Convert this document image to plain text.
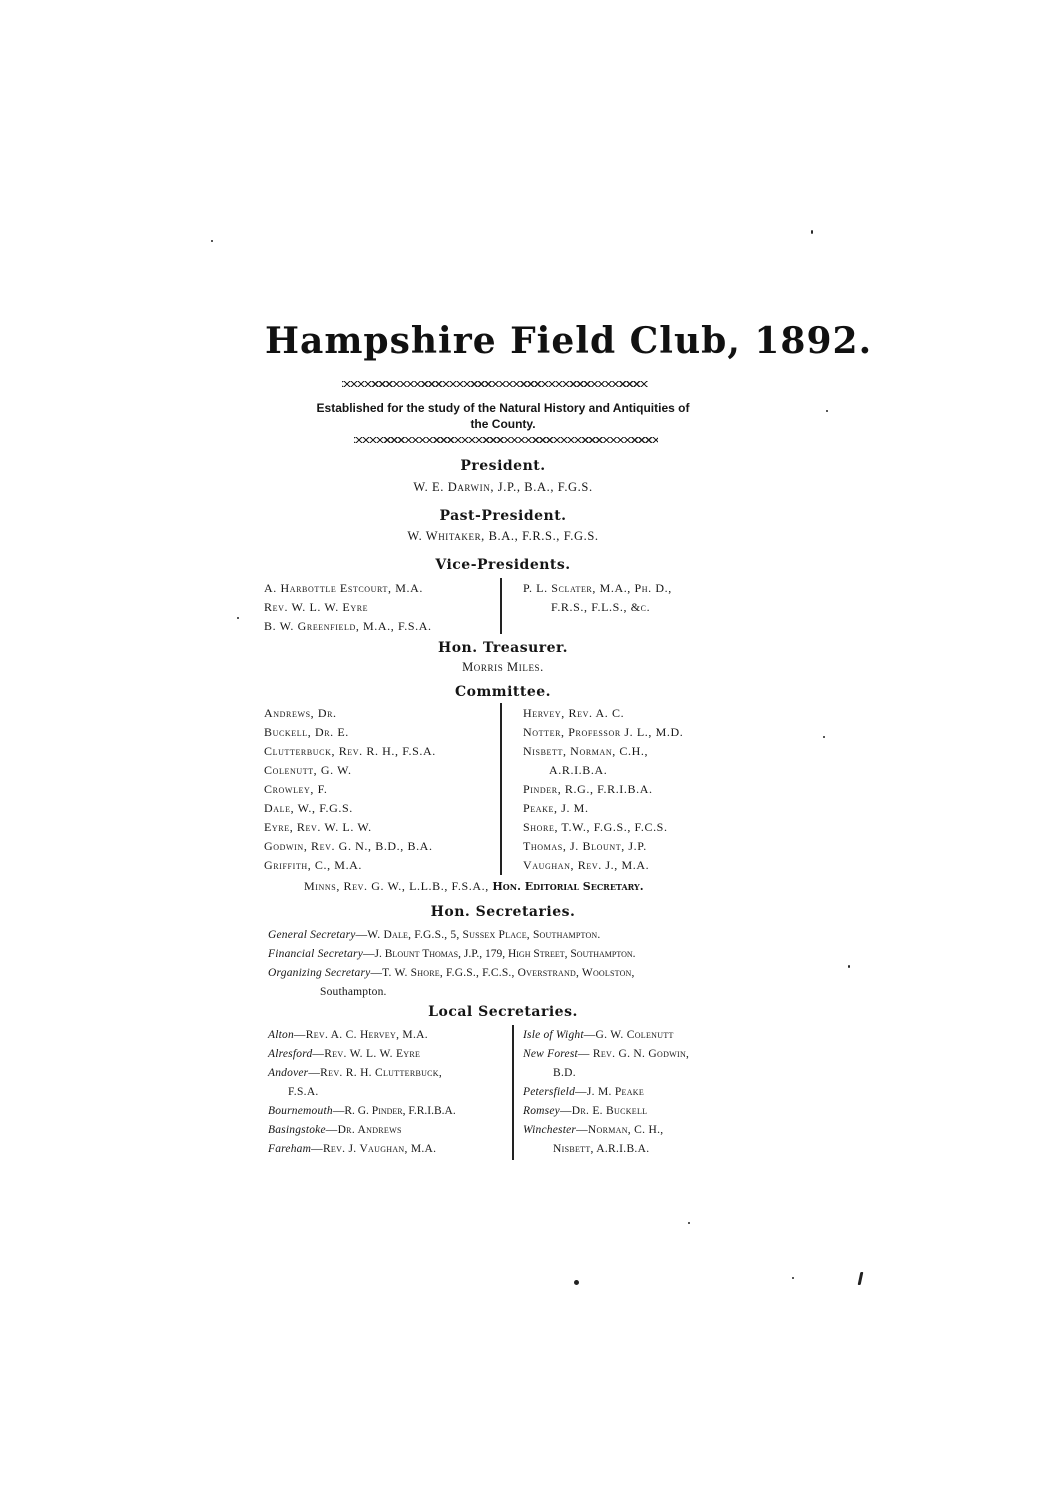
Hampshire Field Club, 1892.
Established for the study of the Natural History and Antiquities of
the County.
President.
W. E. Darwin, J.P., B.A., F.G.S.
Past-President.
W. Whitaker, B.A., F.R.S., F.G.S.
Vice-Presidents.
A. Harbottle Estcourt, M.A.
Rev. W. L. W. Eyre
B. W. Greenfield, M.A., F.S.A.
P. L. Sclater, M.A., Ph. D.,
F.R.S., F.L.S., &c.
Hon. Treasurer.
Morris Miles.
Committee.
Andrews, Dr.
Buckell, Dr. E.
Clutterbuck, Rev. R. H., F.S.A.
Colenutt, G. W.
Crowley, F.
Dale, W., F.G.S.
Eyre, Rev. W. L. W.
Godwin, Rev. G. N., B.D., B.A.
Griffith, C., M.A.
Hervey, Rev. A. C.
Notter, Professor J. L., M.D.
Nisbett, Norman, C.H.,
A.R.I.B.A.
Pinder, R.G., F.R.I.B.A.
Peake, J. M.
Shore, T.W., F.G.S., F.C.S.
Thomas, J. Blount, J.P.
Vaughan, Rev. J., M.A.
Minns, Rev. G. W., L.L.B., F.S.A., Hon. Editorial Secretary.
Hon. Secretaries.
General Secretary—W. Dale, F.G.S., 5, Sussex Place, Southampton.
Financial Secretary—J. Blount Thomas, J.P., 179, High Street, Southampton.
Organizing Secretary—T. W. Shore, F.G.S., F.C.S., Overstrand, Woolston,
Southampton.
Local Secretaries.
Alton—Rev. A. C. Hervey, M.A.
Alresford—Rev. W. L. W. Eyre
Andover—Rev. R. H. Clutterbuck,
F.S.A.
Bournemouth—R. G. Pinder, F.R.I.B.A.
Basingstoke—Dr. Andrews
Fareham—Rev. J. Vaughan, M.A.
Isle of Wight—G. W. Colenutt
New Forest— Rev. G. N. Godwin,
B.D.
Petersfield—J. M. Peake
Romsey—Dr. E. Buckell
Winchester—Norman, C. H.,
Nisbett, A.R.I.B.A.
